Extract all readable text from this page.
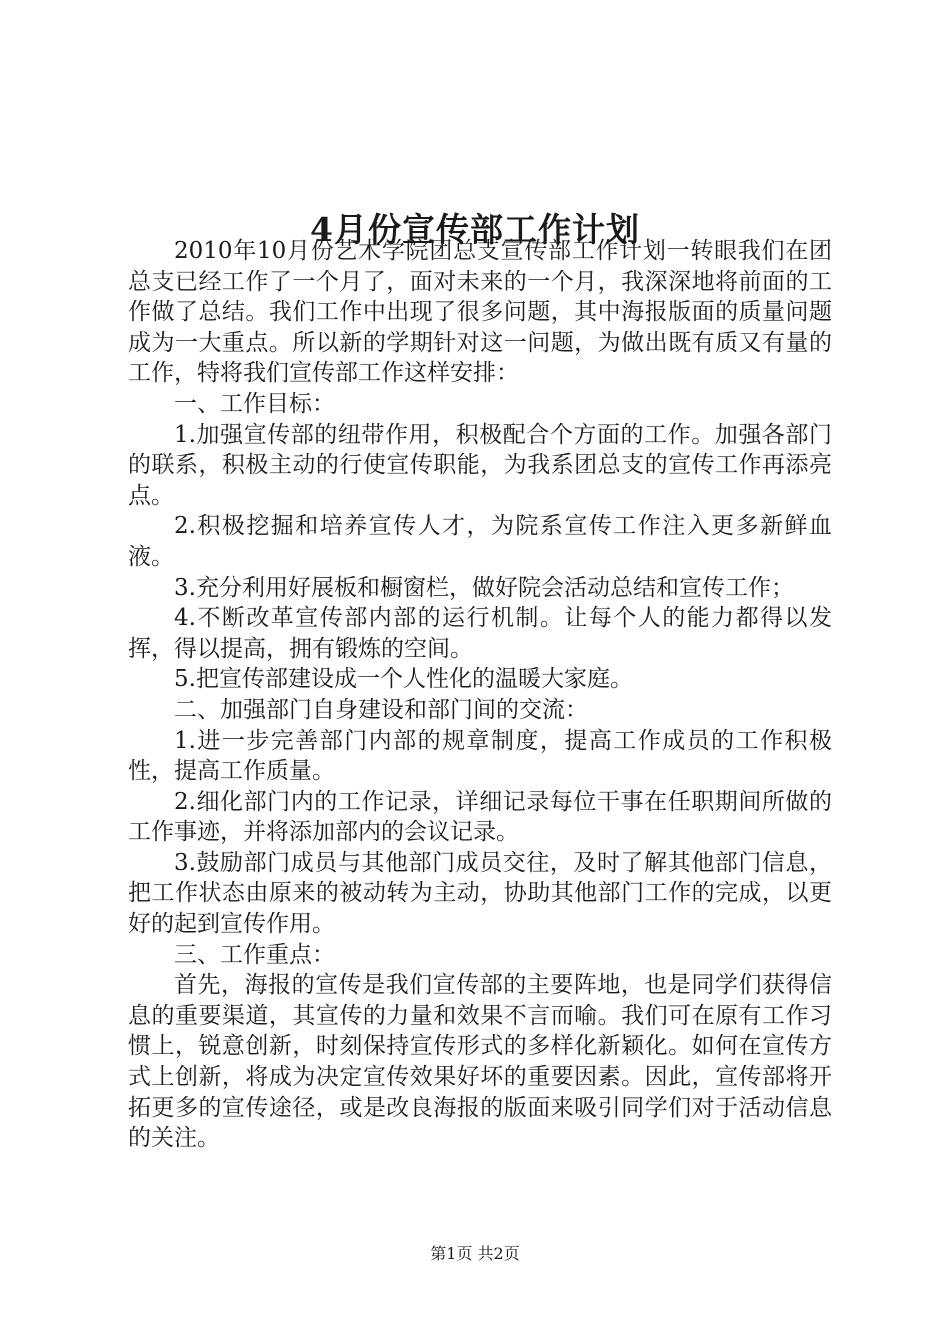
4月份宣传部工作计划

2010年10月份艺术学院团总支宣传部工作计划一转眼我们在团总支已经工作了一个月了，面对未来的一个月，我深深地将前面的工作做了总结。我们工作中出现了很多问题，其中海报版面的质量问题成为一大重点。所以新的学期针对这一问题，为做出既有质又有量的工作，特将我们宣传部工作这样安排：

一、工作目标：

1.加强宣传部的纽带作用，积极配合个方面的工作。加强各部门的联系，积极主动的行使宣传职能，为我系团总支的宣传工作再添亮点。

2.积极挖掘和培养宣传人才，为院系宣传工作注入更多新鲜血液。

3.充分利用好展板和橱窗栏，做好院会活动总结和宣传工作；

4.不断改革宣传部内部的运行机制。让每个人的能力都得以发挥，得以提高，拥有锻炼的空间。

5.把宣传部建设成一个人性化的温暖大家庭。

二、加强部门自身建设和部门间的交流：

1.进一步完善部门内部的规章制度，提高工作成员的工作积极性，提高工作质量。

2.细化部门内的工作记录，详细记录每位干事在任职期间所做的工作事迹，并将添加部内的会议记录。

3.鼓励部门成员与其他部门成员交往，及时了解其他部门信息，把工作状态由原来的被动转为主动，协助其他部门工作的完成，以更好的起到宣传作用。

三、工作重点：

首先，海报的宣传是我们宣传部的主要阵地，也是同学们获得信息的重要渠道，其宣传的力量和效果不言而喻。我们可在原有工作习惯上，锐意创新，时刻保持宣传形式的多样化新颖化。如何在宣传方式上创新，将成为决定宣传效果好坏的重要因素。因此，宣传部将开拓更多的宣传途径，或是改良海报的版面来吸引同学们对于活动信息的关注。

第1页 共2页
